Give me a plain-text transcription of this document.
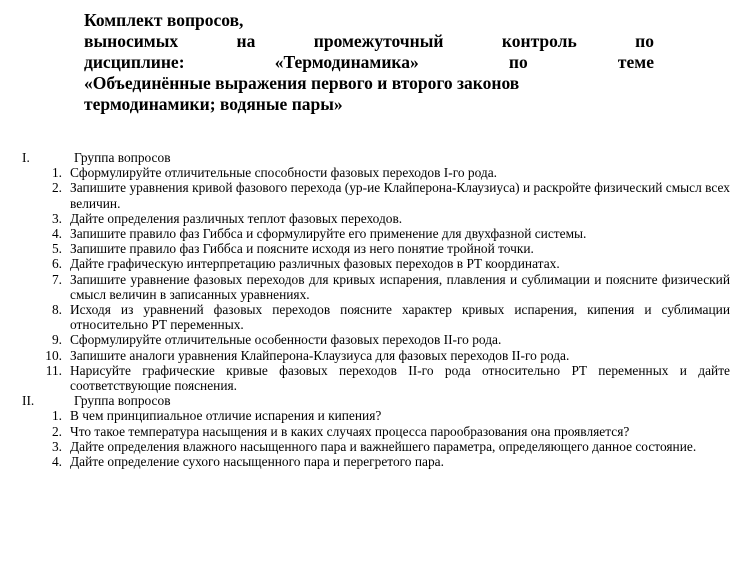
Комплект вопросов,
выносимых	на	промежуточный	контроль	по
дисциплине:	«Термодинамика»	по	теме
«Объединённые выражения первого и второго законов
термодинамики; водяные пары»
I.	Группа вопросов
1. Сформулируйте отличительные способности фазовых переходов I-го рода.
2. Запишите уравнения кривой фазового перехода (ур-ие Клайперона-Клаузиуса) и раскройте физический смысл всех величин.
3. Дайте определения различных теплот фазовых переходов.
4. Запишите правило фаз Гиббса и сформулируйте его применение для двухфазной системы.
5. Запишите правило фаз Гиббса и поясните исходя из него понятие тройной точки.
6. Дайте графическую интерпретацию различных фазовых переходов в PT координатах.
7. Запишите уравнение фазовых переходов для кривых испарения, плавления и сублимации и поясните физический смысл величин в записанных уравнениях.
8. Исходя из уравнений фазовых переходов поясните характер кривых испарения, кипения и сублимации относительно PT переменных.
9. Сформулируйте отличительные особенности фазовых переходов II-го рода.
10. Запишите аналоги уравнения Клайперона-Клаузиуса для фазовых переходов II-го рода.
11. Нарисуйте графические кривые фазовых переходов II-го рода относительно PT переменных и дайте соответствующие пояснения.
II.	Группа вопросов
1. В чем принципиальное отличие испарения и кипения?
2. Что такое температура насыщения и в каких случаях процесса парообразования она проявляется?
3. Дайте определения влажного насыщенного пара и важнейшего параметра, определяющего данное состояние.
4. Дайте определение сухого насыщенного пара и перегретого пара.
